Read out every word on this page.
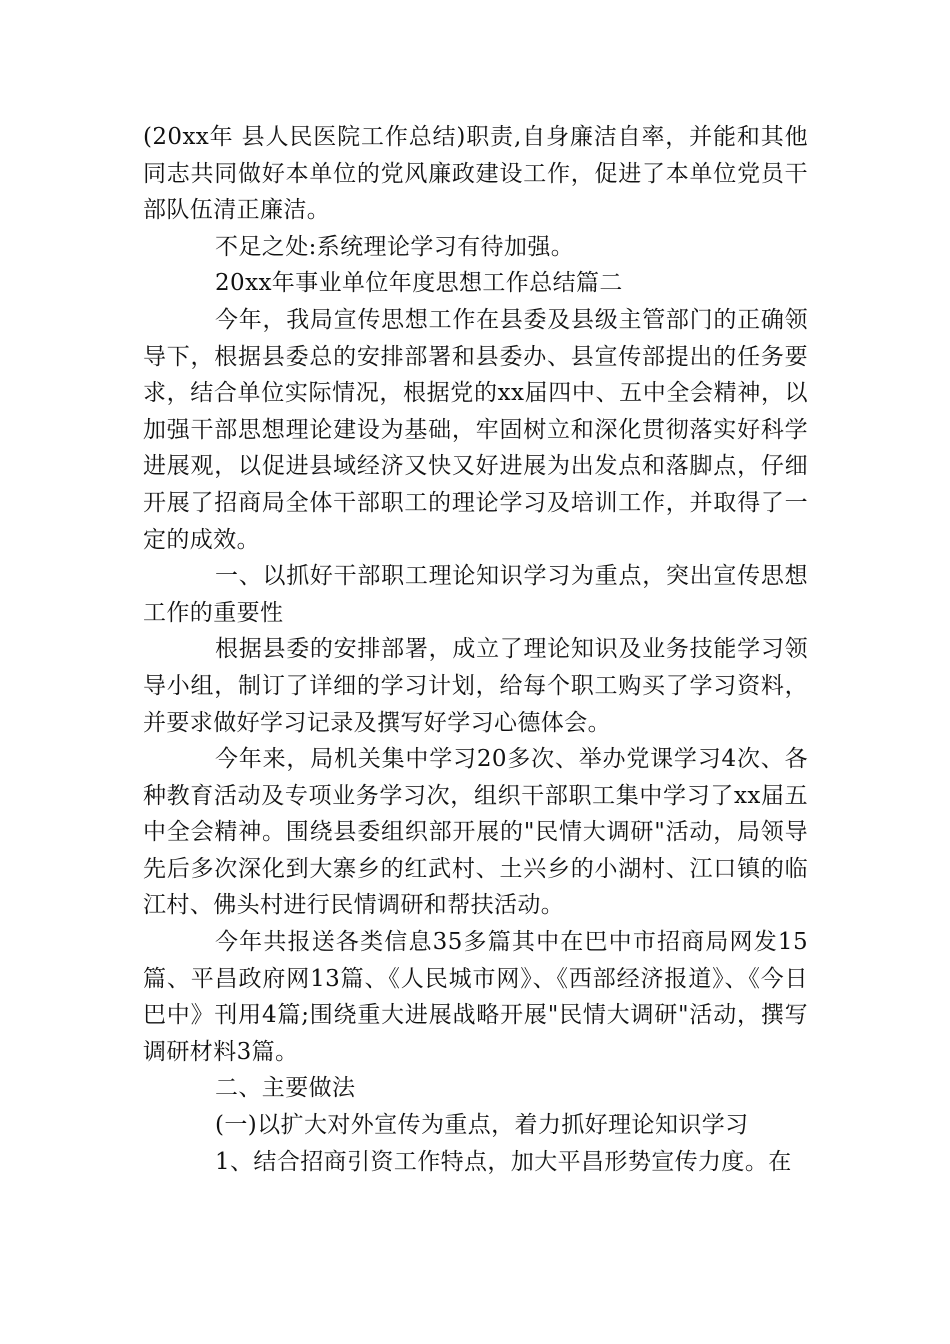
(20xx年 县人民医院工作总结)职责,自身廉洁自率，并能和其他同志共同做好本单位的党风廉政建设工作，促进了本单位党员干部队伍清正廉洁。

不足之处:系统理论学习有待加强。

20xx年事业单位年度思想工作总结篇二

今年，我局宣传思想工作在县委及县级主管部门的正确领导下，根据县委总的安排部署和县委办、县宣传部提出的任务要求，结合单位实际情况，根据党的xx届四中、五中全会精神，以加强干部思想理论建设为基础，牢固树立和深化贯彻落实好科学进展观，以促进县域经济又快又好进展为出发点和落脚点，仔细开展了招商局全体干部职工的理论学习及培训工作，并取得了一定的成效。

一、以抓好干部职工理论知识学习为重点，突出宣传思想工作的重要性

根据县委的安排部署，成立了理论知识及业务技能学习领导小组，制订了详细的学习计划，给每个职工购买了学习资料，并要求做好学习记录及撰写好学习心德体会。

今年来，局机关集中学习20多次、举办党课学习4次、各种教育活动及专项业务学习次，组织干部职工集中学习了xx届五中全会精神。围绕县委组织部开展的"民情大调研"活动，局领导先后多次深化到大寨乡的红武村、土兴乡的小湖村、江口镇的临江村、佛头村进行民情调研和帮扶活动。

今年共报送各类信息35多篇其中在巴中市招商局网发15篇、平昌政府网13篇、《人民城市网》、《西部经济报道》、《今日巴中》刊用4篇;围绕重大进展战略开展"民情大调研"活动，撰写调研材料3篇。

二、主要做法

(一)以扩大对外宣传为重点，着力抓好理论知识学习

1、结合招商引资工作特点，加大平昌形势宣传力度。在
